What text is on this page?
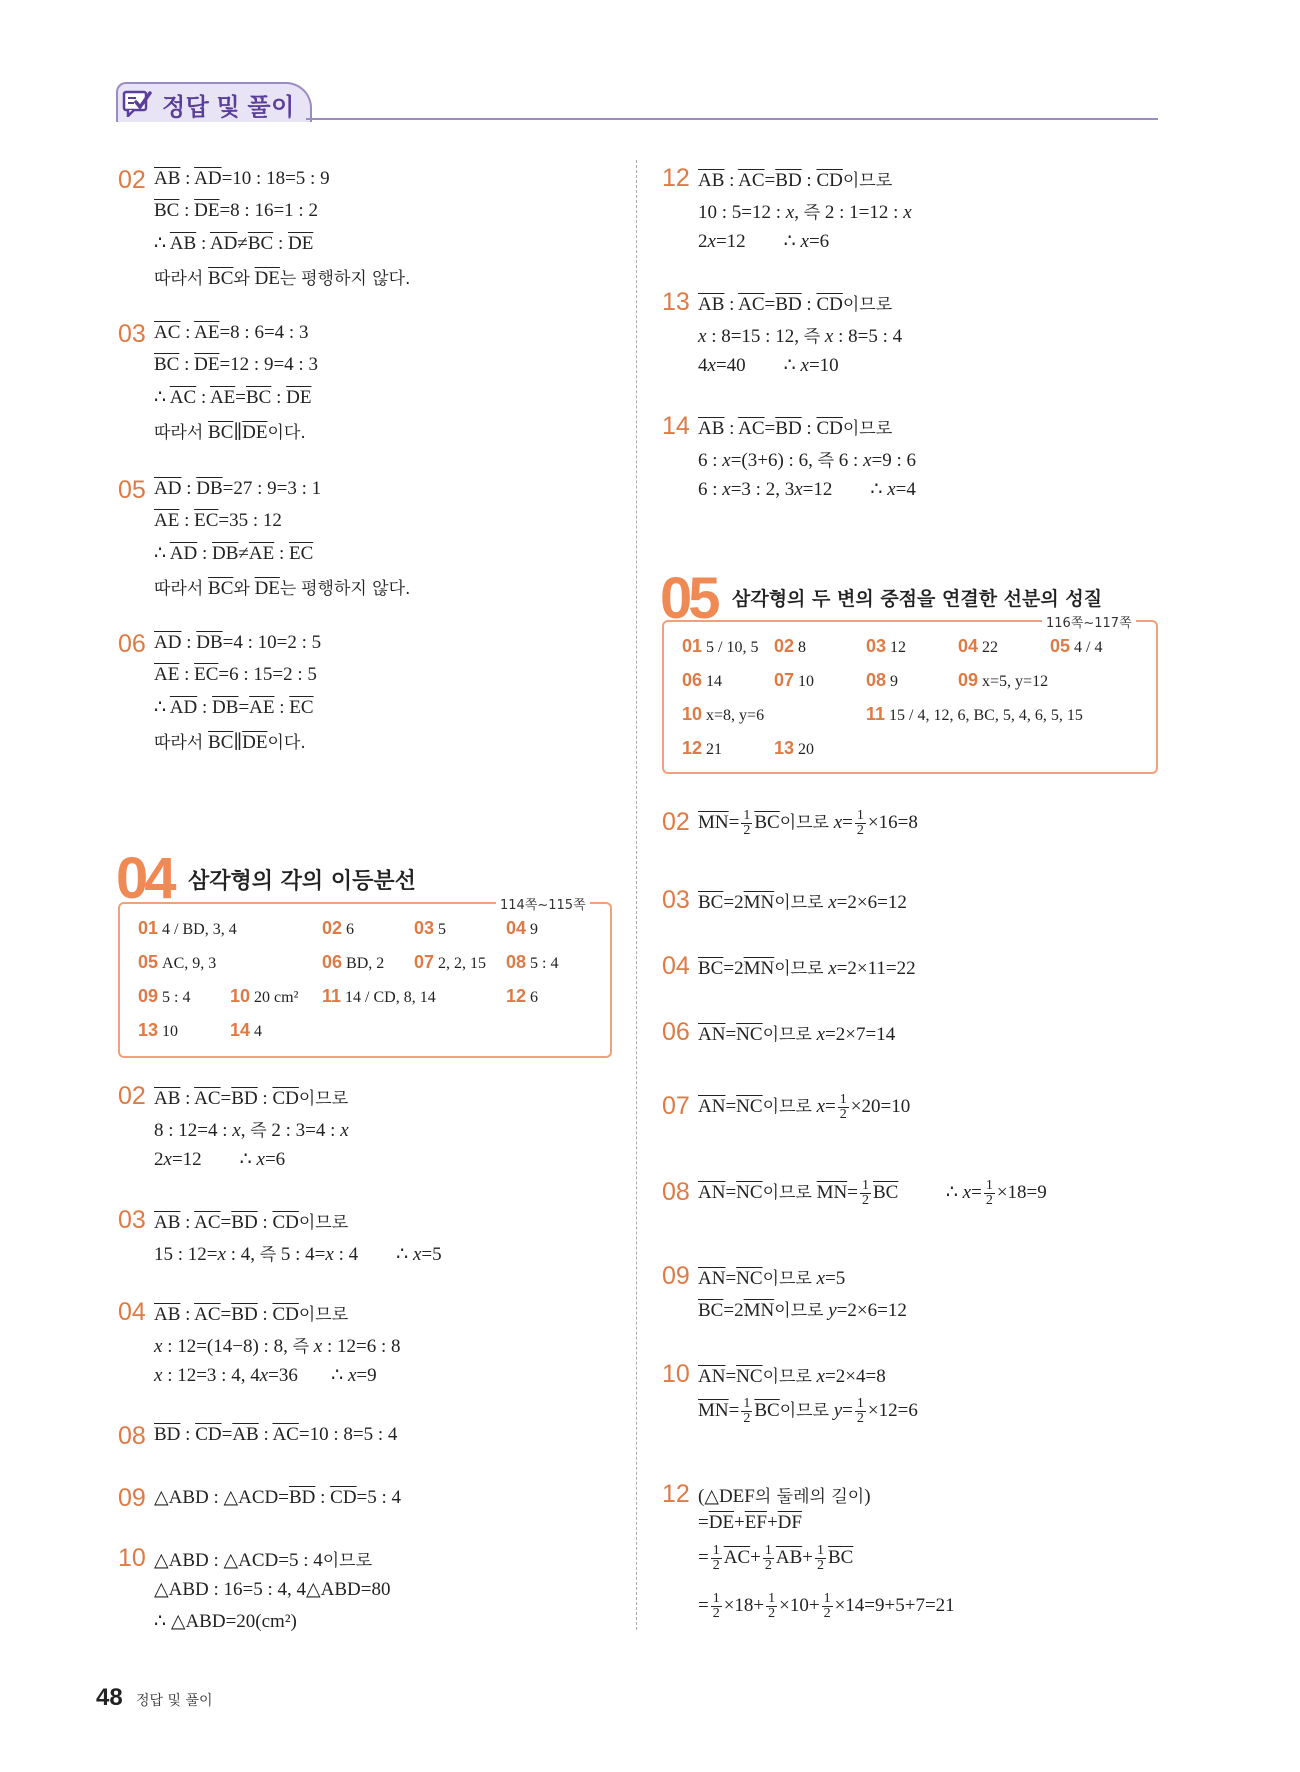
정답 및 풀이
02 $\overline{AB}$ : $\overline{AD}=10$ : 18=5 : 9
$\overline{BC}$ : $\overline{DE}=8$ : 16=1 : 2
∴ $\overline{AB}$ : $\overline{AD}\ne\overline{BC}$ : $\overline{DE}$
따라서 $\overline{BC}$와 $\overline{DE}$는 평행하지 않다.
03 $\overline{AC}$ : $\overline{AE}=8$ : 6=4 : 3
$\overline{BC}$ : $\overline{DE}=12$ : 9=4 : 3
∴ $\overline{AC}$ : $\overline{AE}=\overline{BC}$ : $\overline{DE}$
따라서 $\overline{BC}\parallel\overline{DE}$이다.
05 $\overline{AD}$ : $\overline{DB}=27$ : 9=3 : 1
$\overline{AE}$ : $\overline{EC}=35$ : 12
∴ $\overline{AD}$ : $\overline{DB}\ne\overline{AE}$ : $\overline{EC}$
따라서 $\overline{BC}$와 $\overline{DE}$는 평행하지 않다.
06 $\overline{AD}$ : $\overline{DB}=4$ : 10=2 : 5
$\overline{AE}$ : $\overline{EC}=6$ : 15=2 : 5
∴ $\overline{AD}$ : $\overline{DB}=\overline{AE}$ : $\overline{EC}$
따라서 $\overline{BC}\parallel\overline{DE}$이다.
04 삼각형의 각의 이등분선
114쪽~115쪽
01 4 / BD, 3, 4	02 6	03 5	04 9
05 AC, 9, 3	06 BD, 2 07 2, 2, 15 08 5 : 4
09 5 : 4 10 20 cm² 11 14 / CD, 8, 14	12 6
13 10	14 4
02 $\overline{AB}$ : $\overline{AC}=\overline{BD}$ : $\overline{CD}$이므로
8 : 12=4 : x, 즉 2 : 3=4 : x
2x=12        ∴ x=6
03 $\overline{AB}$ : $\overline{AC}=\overline{BD}$ : $\overline{CD}$이므로
15 : 12=x : 4, 즉 5 : 4=x : 4        ∴ x=5
04 $\overline{AB}$ : $\overline{AC}=\overline{BD}$ : $\overline{CD}$이므로
x : 12=(14−8) : 8, 즉 x : 12=6 : 8
x : 12=3 : 4, 4x=36       ∴ x=9
08 $\overline{BD}$ : $\overline{CD}=\overline{AB}$ : $\overline{AC}=10$ : 8=5 : 4
09 △ABD : $\triangle ACD=\overline{BD}$ : $\overline{CD}=5$ : 4
10 △ABD : △ACD=5 : 4이므로
△ABD : 16=5 : 4, 4△ABD=80
∴ △ABD=20(cm²)
12 $\overline{AB}$ : $\overline{AC}=\overline{BD}$ : $\overline{CD}$이므로
10 : 5=12 : x, 즉 2 : 1=12 : x
2x=12        ∴ x=6
13 $\overline{AB}$ : $\overline{AC}=\overline{BD}$ : $\overline{CD}$이므로
x : 8=15 : 12, 즉 x : 8=5 : 4
4x=40        ∴ x=10
14 $\overline{AB}$ : $\overline{AC}=\overline{BD}$ : $\overline{CD}$이므로
6 : x=(3+6) : 6, 즉 6 : x=9 : 6
6 : x=3 : 2, 3x=12        ∴ x=4
05 삼각형의 두 변의 중점을 연결한 선분의 성질
116쪽~117쪽
01 5 / 10, 5 02 8	03 12	04 22	05 4 / 4
06 14	07 10	08 9	09 x=5, y=12
10 x=8, y=6	11 15 / 4, 12, 6, BC, 5, 4, 6, 5, 15
12 21	13 20
02 $\overline{MN}= \frac{1}{2} \overline{BC}$이므로 $x= \frac{1}{2} \times 16=8$
03 $\overline{BC}=2\overline{MN}$이므로 x=2×6=12
04 $\overline{BC}=2\overline{MN}$이므로 x=2×11=22
06 $\overline{AN}=\overline{NC}$이므로 x=2×7=14
07 $\overline{AN}=\overline{NC}$이므로 $x= \frac{1}{2} \times 20=10$
08 $\overline{AN}=\overline{NC}$이므로 $\overline{MN}= \frac{1}{2} \overline{BC}$          ∴ $x= \frac{1}{2} \times 18=9$
09 $\overline{AN}=\overline{NC}$이므로 x=5
$\overline{BC}=2\overline{MN}$이므로 y=2×6=12
10 $\overline{AN}=\overline{NC}$이므로 x=2×4=8
$\overline{MN}= \frac{1}{2} \overline{BC}$이므로 $y= \frac{1}{2} \times 12=6$
12 (△DEF의 둘레의 길이)
$=\overline{DE}+\overline{EF}+\overline{DF}$
= $\frac{1}{2} \overline{AC}+ \frac{1}{2} \overline{AB}+ \frac{1}{2} \overline{BC}$
= $\frac{1}{2} \times 18+ \frac{1}{2} \times 10+ \frac{1}{2} \times 14=9+5+7=21$
48 정답 및 풀이
